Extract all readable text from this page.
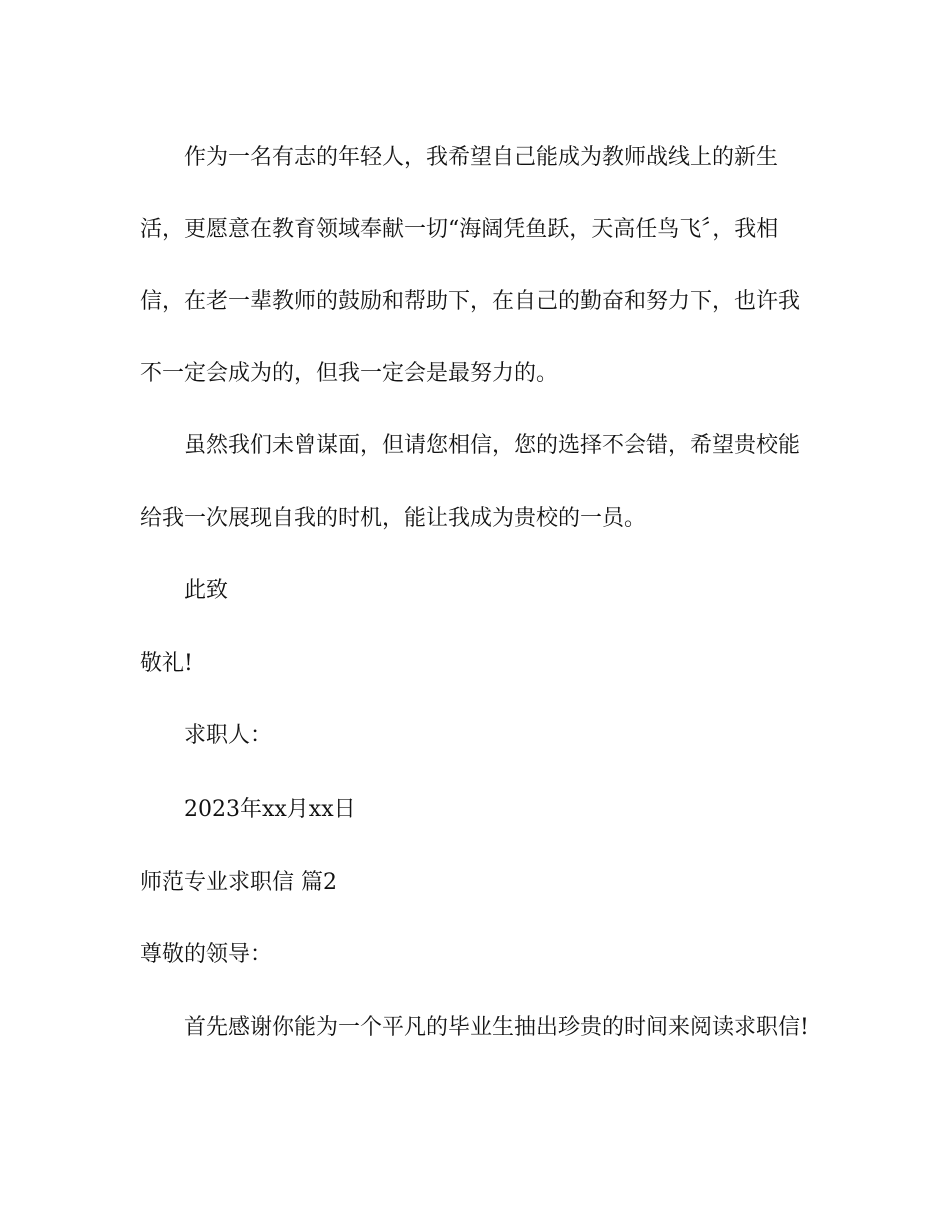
作为一名有志的年轻人，我希望自己能成为教师战线上的新生
活，更愿意在教育领域奉献一切“海阔凭鱼跃，天高任鸟飞〞，我相
信，在老一辈教师的鼓励和帮助下，在自己的勤奋和努力下，也许我
不一定会成为的，但我一定会是最努力的。
虽然我们未曾谋面，但请您相信，您的选择不会错，希望贵校能
给我一次展现自我的时机，能让我成为贵校的一员。
此致
敬礼!
求职人：
2023年xx月xx日
师范专业求职信 篇2
尊敬的领导：
首先感谢你能为一个平凡的毕业生抽出珍贵的时间来阅读求职信!
